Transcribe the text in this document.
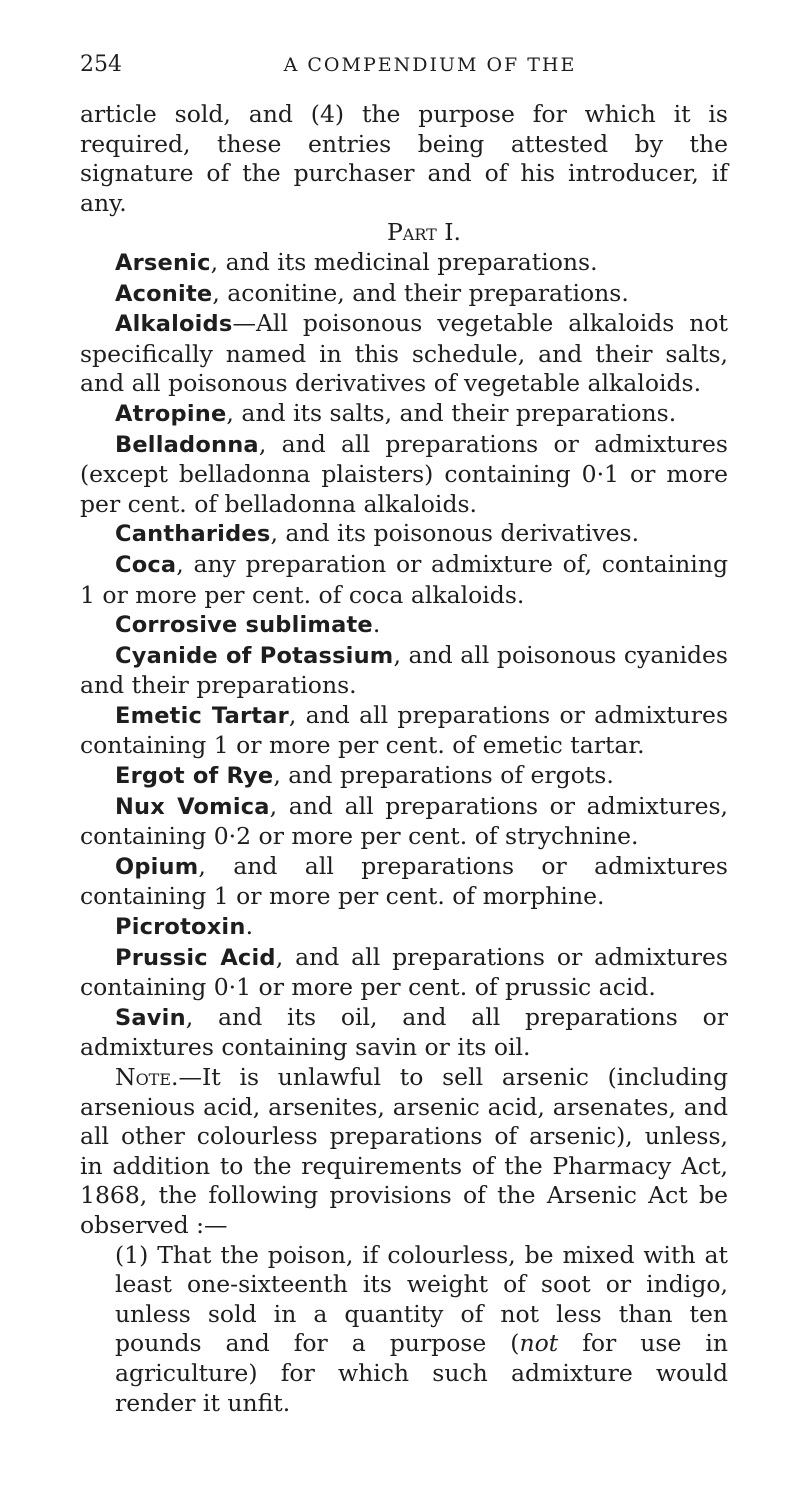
254	A COMPENDIUM OF THE

article sold, and (4) the purpose for which it is required, these entries being attested by the signature of the purchaser and of his introducer, if any.

Part I.

Arsenic, and its medicinal preparations.

Aconite, aconitine, and their preparations.

Alkaloids—All poisonous vegetable alkaloids not specifically named in this schedule, and their salts, and all poisonous derivatives of vegetable alkaloids.

Atropine, and its salts, and their preparations.

Belladonna, and all preparations or admixtures (except belladonna plaisters) containing 0·1 or more per cent. of belladonna alkaloids.

Cantharides, and its poisonous derivatives.

Coca, any preparation or admixture of, containing 1 or more per cent. of coca alkaloids.

Corrosive sublimate.

Cyanide of Potassium, and all poisonous cyanides and their preparations.

Emetic Tartar, and all preparations or admixtures containing 1 or more per cent. of emetic tartar.

Ergot of Rye, and preparations of ergots.

Nux Vomica, and all preparations or admixtures, containing 0·2 or more per cent. of strychnine.

Opium, and all preparations or admixtures containing 1 or more per cent. of morphine.

Picrotoxin.

Prussic Acid, and all preparations or admixtures containing 0·1 or more per cent. of prussic acid.

Savin, and its oil, and all preparations or admixtures containing savin or its oil.

Note.—It is unlawful to sell arsenic (including arsenious acid, arsenites, arsenic acid, arsenates, and all other colourless preparations of arsenic), unless, in addition to the requirements of the Pharmacy Act, 1868, the following provisions of the Arsenic Act be observed :—

(1) That the poison, if colourless, be mixed with at least one-sixteenth its weight of soot or indigo, unless sold in a quantity of not less than ten pounds and for a purpose (not for use in agriculture) for which such admixture would render it unfit.
